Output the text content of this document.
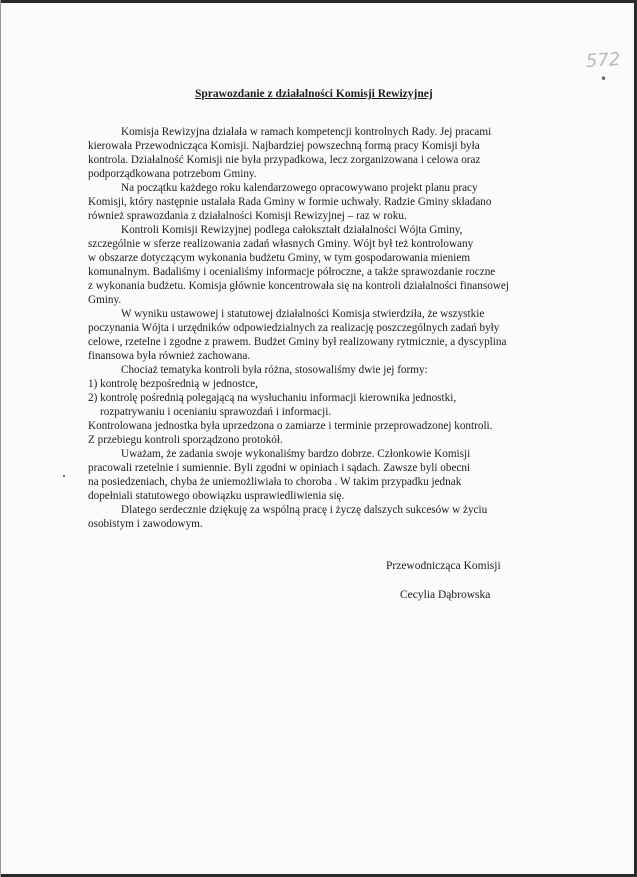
572
•
Sprawozdanie z działalności Komisji Rewizyjnej
Komisja Rewizyjna działała w ramach kompetencji kontrolnych Rady. Jej pracami
kierowała Przewodnicząca Komisji. Najbardziej powszechną formą pracy Komisji była
kontrola. Działalność Komisji nie była przypadkowa, lecz zorganizowana i celowa oraz
podporządkowana potrzebom Gminy.
Na początku każdego roku kalendarzowego opracowywano projekt planu pracy
Komisji, który następnie ustalała Rada Gminy w formie uchwały. Radzie Gminy składano
również sprawozdania z działalności Komisji Rewizyjnej – raz w roku.
Kontroli Komisji Rewizyjnej podlega całokształt działalności Wójta Gminy,
szczególnie w sferze realizowania zadań własnych Gminy. Wójt był też kontrolowany
w obszarze dotyczącym wykonania budżetu Gminy, w tym gospodarowania mieniem
komunalnym. Badaliśmy i ocenialiśmy informacje półroczne, a także sprawozdanie roczne
z wykonania budżetu. Komisja głównie koncentrowała się na kontroli działalności finansowej
Gminy.
W wyniku ustawowej i statutowej działalności Komisja stwierdziła, że wszystkie
poczynania Wójta i urzędników odpowiedzialnych za realizację poszczególnych zadań były
celowe, rzetelne i zgodne z prawem. Budżet Gminy był realizowany rytmicznie, a dyscyplina
finansowa była również zachowana.
Chociaż tematyka kontroli była różna, stosowaliśmy dwie jej formy:
1) kontrolę bezpośrednią w jednostce,
2) kontrolę pośrednią polegającą na wysłuchaniu informacji kierownika jednostki,
rozpatrywaniu i ocenianiu sprawozdań i informacji.
Kontrolowana jednostka była uprzedzona o zamiarze i terminie przeprowadzonej kontroli.
Z przebiegu kontroli sporządzono protokół.
Uważam, że zadania swoje wykonaliśmy bardzo dobrze. Członkowie Komisji
pracowali rzetelnie i sumiennie. Byli zgodni w opiniach i sądach. Zawsze byli obecni
na posiedzeniach, chyba że uniemożliwiała to choroba . W takim przypadku jednak
dopełniali statutowego obowiązku usprawiedliwienia się.
Dlatego serdecznie dziękuję za wspólną pracę i życzę dalszych sukcesów w życiu
osobistym i zawodowym.
Przewodnicząca Komisji
Cecylia Dąbrowska
